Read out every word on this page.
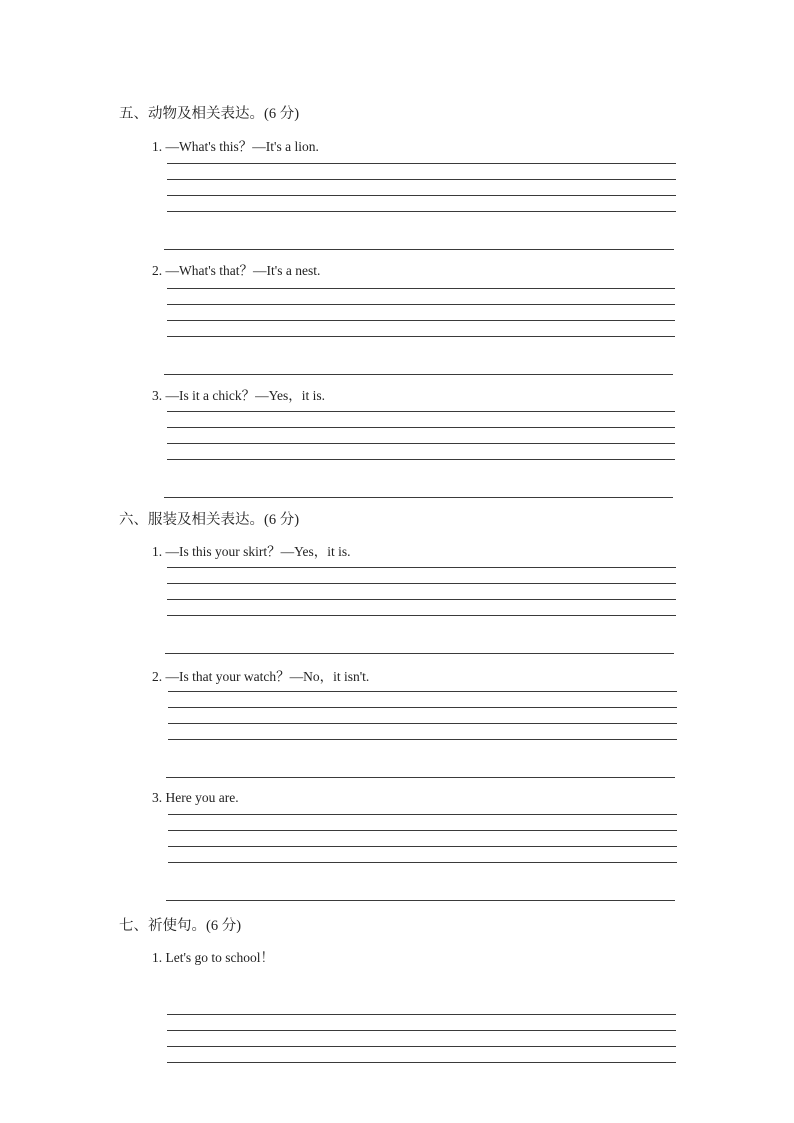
五、动物及相关表达。(6 分)
1. —What's this？—It's a lion.
2. —What's that？—It's a nest.
3. —Is it a chick？—Yes，it is.
六、服装及相关表达。(6 分)
1. —Is this your skirt？—Yes，it is.
2. —Is that your watch？—No，it isn't.
3. Here you are.
七、祈使句。(6 分)
1. Let's go to school！
